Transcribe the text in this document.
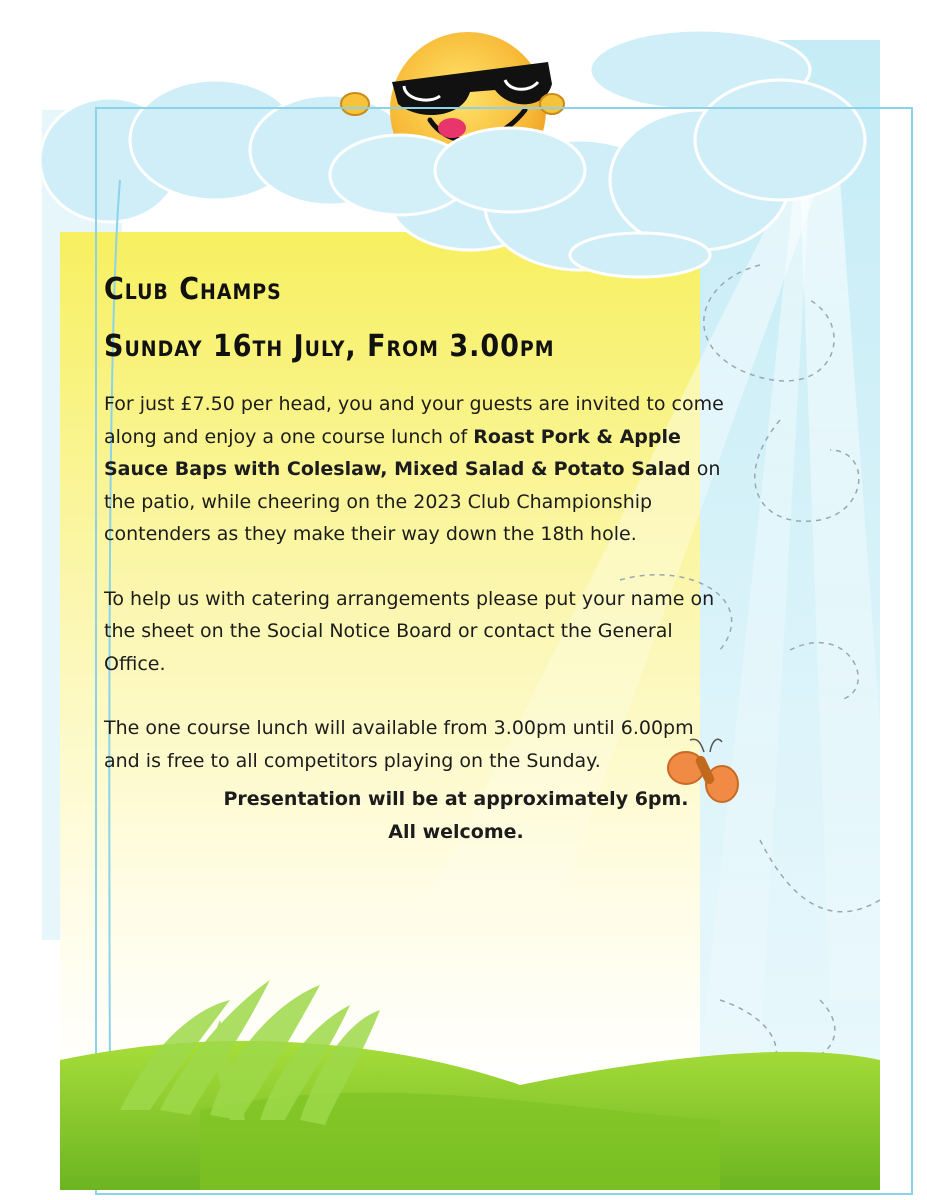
Club Champs
Sunday 16th July, From 3.00pm

For just £7.50 per head, you and your guests are invited to come along and enjoy a one course lunch of Roast Pork & Apple Sauce Baps with Coleslaw, Mixed Salad & Potato Salad on the patio, while cheering on the 2023 Club Championship contenders as they make their way down the 18th hole.

To help us with catering arrangements please put your name on the sheet on the Social Notice Board or contact the General Office.

The one course lunch will available from 3.00pm until 6.00pm and is free to all competitors playing on the Sunday.

Presentation will be at approximately 6pm.

All welcome.
